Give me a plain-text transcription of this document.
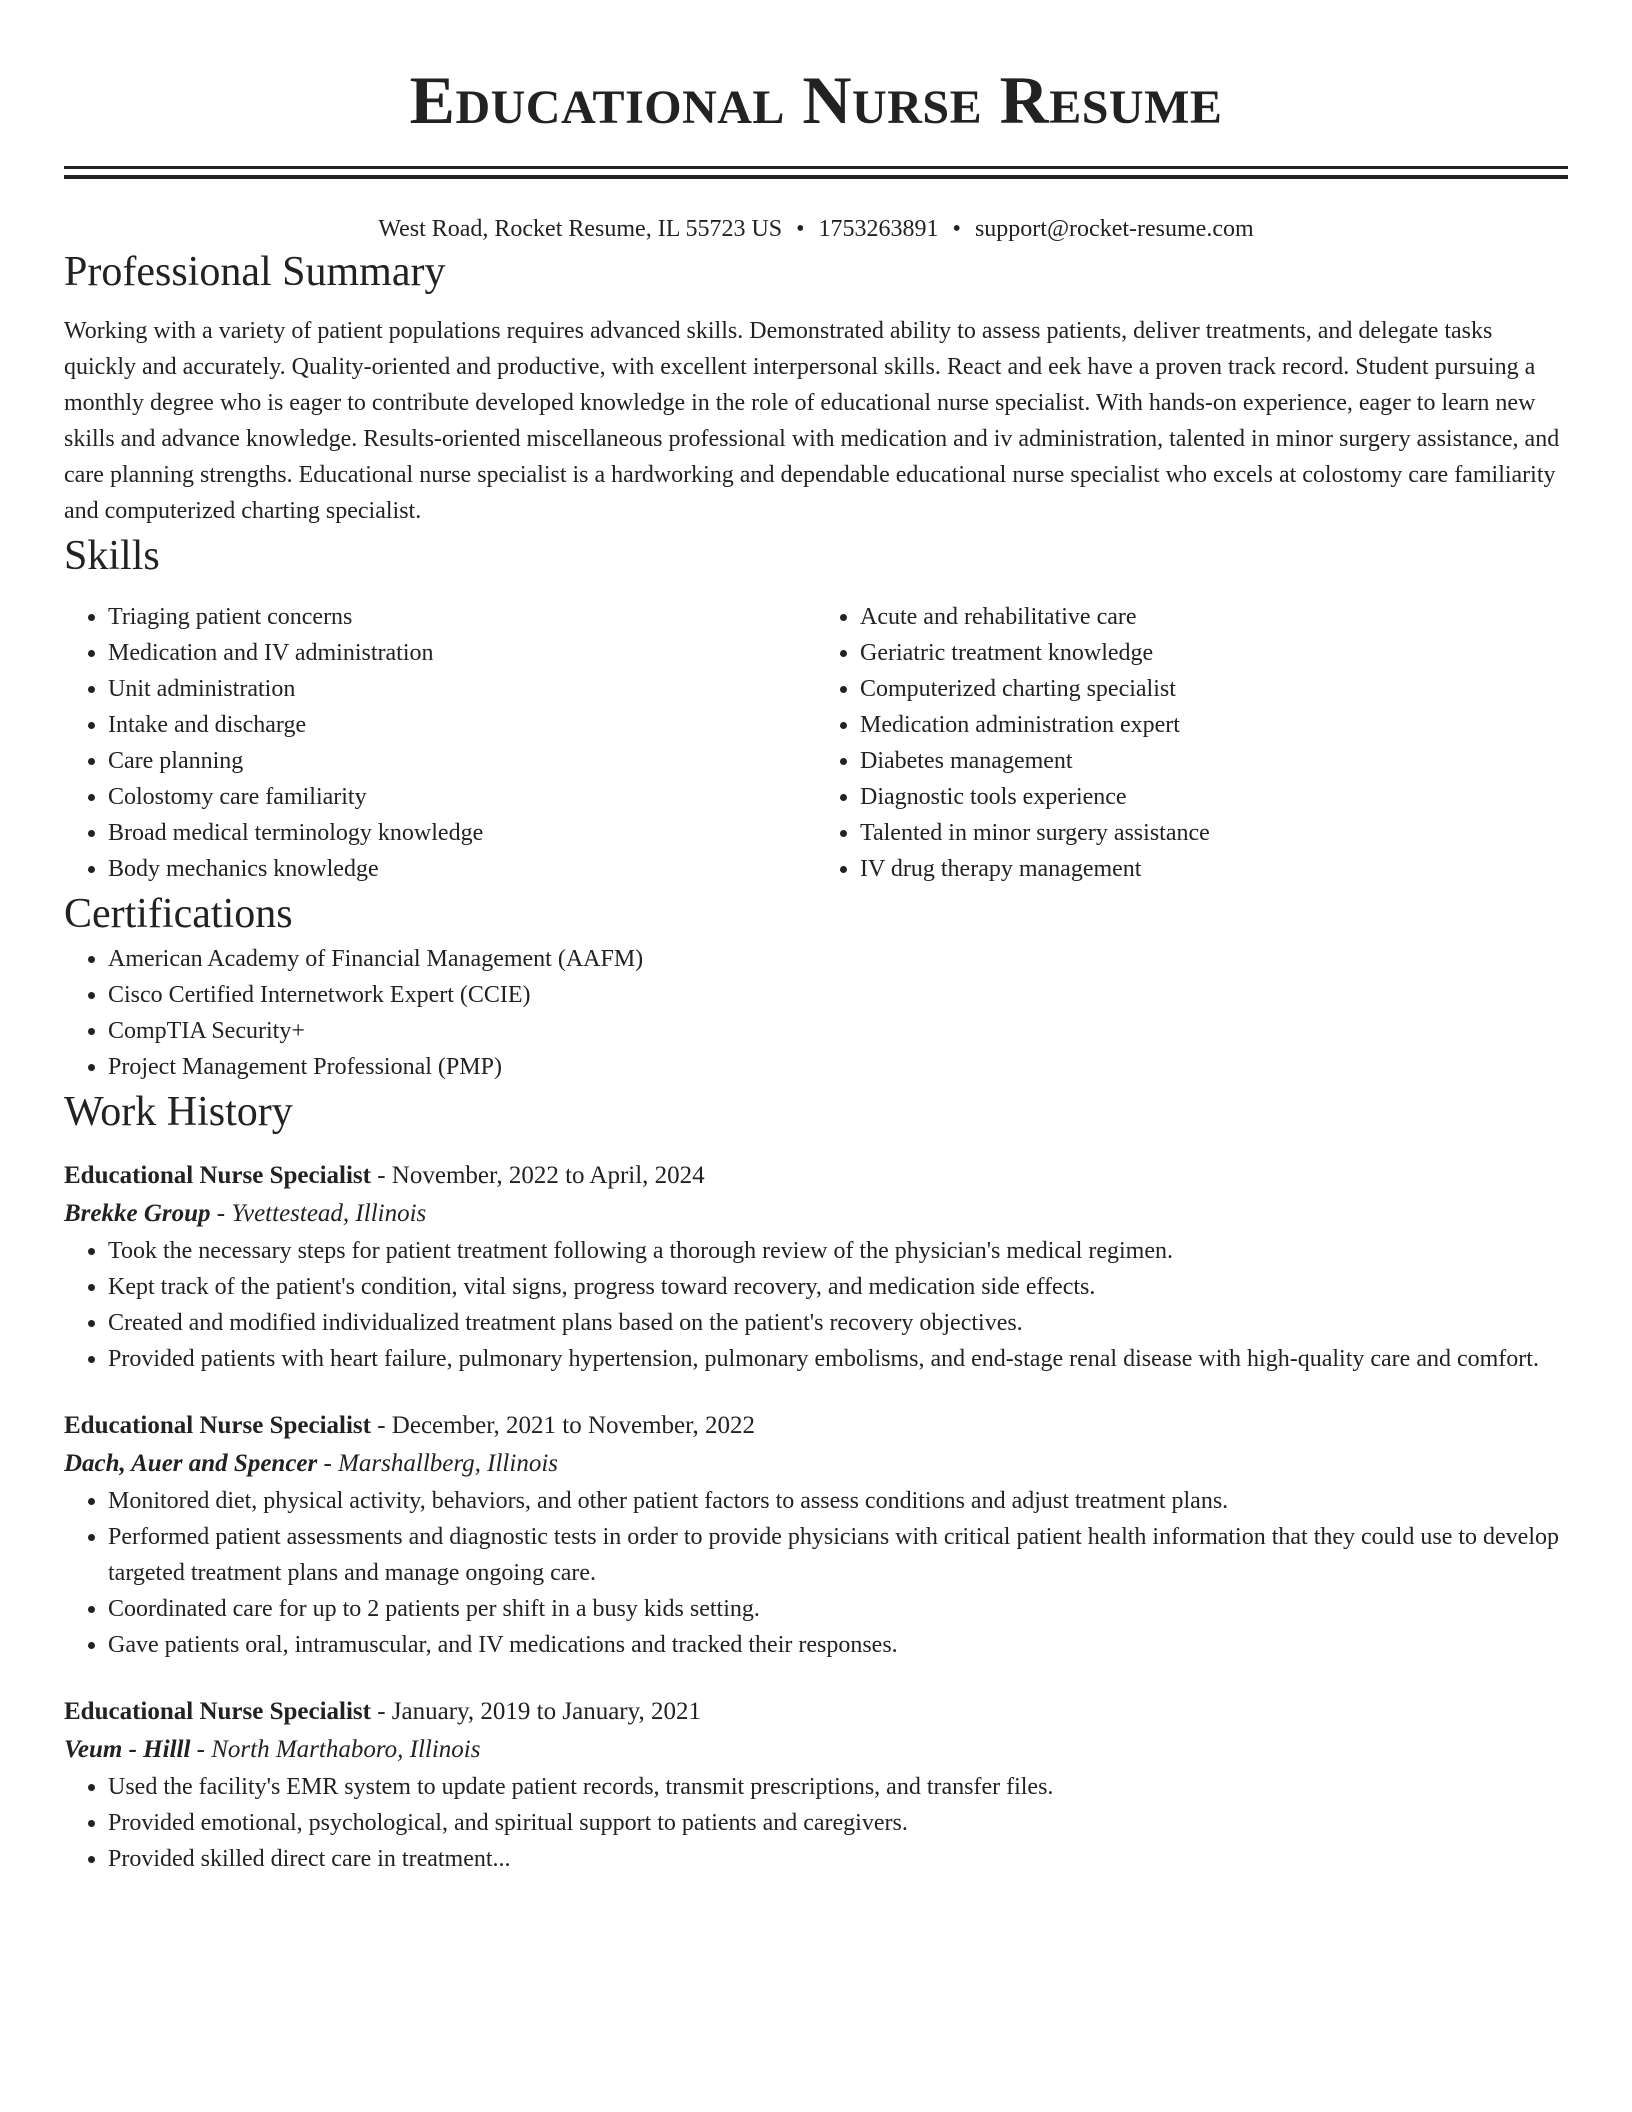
Educational Nurse Resume
West Road, Rocket Resume, IL 55723 US • 1753263891 • support@rocket-resume.com
Professional Summary

Working with a variety of patient populations requires advanced skills. Demonstrated ability to assess patients, deliver treatments, and delegate tasks quickly and accurately. Quality-oriented and productive, with excellent interpersonal skills. React and eek have a proven track record. Student pursuing a monthly degree who is eager to contribute developed knowledge in the role of educational nurse specialist. With hands-on experience, eager to learn new skills and advance knowledge. Results-oriented miscellaneous professional with medication and iv administration, talented in minor surgery assistance, and care planning strengths. Educational nurse specialist is a hardworking and dependable educational nurse specialist who excels at colostomy care familiarity and computerized charting specialist.

Skills
• Triaging patient concerns
• Medication and IV administration
• Unit administration
• Intake and discharge
• Care planning
• Colostomy care familiarity
• Broad medical terminology knowledge
• Body mechanics knowledge
• Acute and rehabilitative care
• Geriatric treatment knowledge
• Computerized charting specialist
• Medication administration expert
• Diabetes management
• Diagnostic tools experience
• Talented in minor surgery assistance
• IV drug therapy management
Certifications
• American Academy of Financial Management (AAFM)
• Cisco Certified Internetwork Expert (CCIE)
• CompTIA Security+
• Project Management Professional (PMP)
Work History
Educational Nurse Specialist - November, 2022 to April, 2024
Brekke Group - Yvettestead, Illinois
• Took the necessary steps for patient treatment following a thorough review of the physician's medical regimen.
• Kept track of the patient's condition, vital signs, progress toward recovery, and medication side effects.
• Created and modified individualized treatment plans based on the patient's recovery objectives.
• Provided patients with heart failure, pulmonary hypertension, pulmonary embolisms, and end-stage renal disease with high-quality care and comfort.
Educational Nurse Specialist - December, 2021 to November, 2022
Dach, Auer and Spencer - Marshallberg, Illinois
• Monitored diet, physical activity, behaviors, and other patient factors to assess conditions and adjust treatment plans.
• Performed patient assessments and diagnostic tests in order to provide physicians with critical patient health information that they could use to develop targeted treatment plans and manage ongoing care.
• Coordinated care for up to 2 patients per shift in a busy kids setting.
• Gave patients oral, intramuscular, and IV medications and tracked their responses.
Educational Nurse Specialist - January, 2019 to January, 2021
Veum - Hilll - North Marthaboro, Illinois
• Used the facility's EMR system to update patient records, transmit prescriptions, and transfer files.
• Provided emotional, psychological, and spiritual support to patients and caregivers.
• Provided skilled direct care in treatment...
